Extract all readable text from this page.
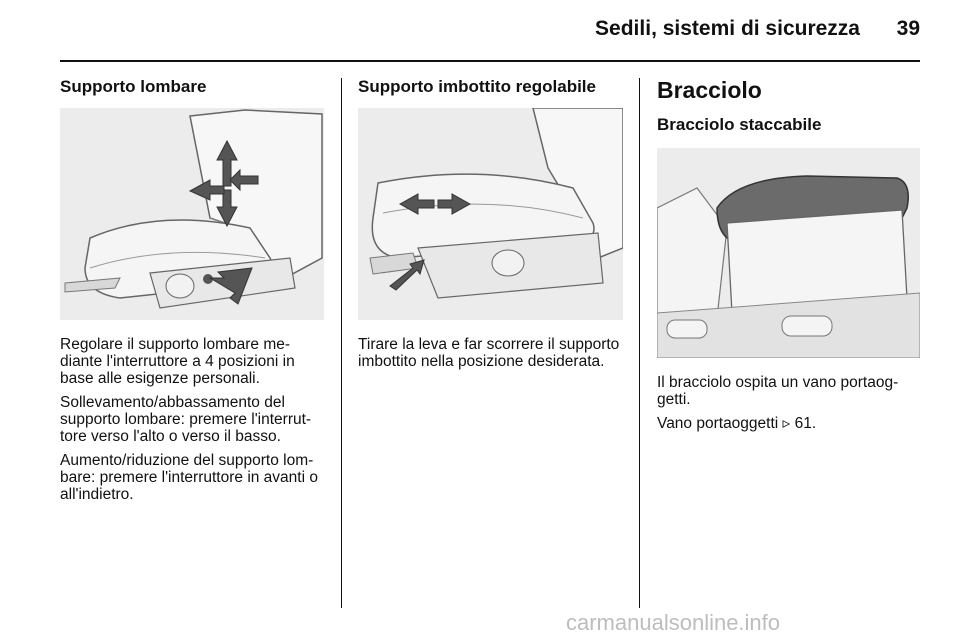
Sedili, sistemi di sicurezza	39
Supporto lombare

Regolare il supporto lombare me-diante l'interruttore a 4 posizioni in base alle esigenze personali.

Sollevamento/abbassamento del supporto lombare: premere l'interrut-tore verso l'alto o verso il basso.

Aumento/riduzione del supporto lom-bare: premere l'interruttore in avanti o all'indietro.

Supporto imbottito regolabile

Tirare la leva e far scorrere il supporto imbottito nella posizione desiderata.

Bracciolo
Bracciolo staccabile

Il bracciolo ospita un vano portaog-getti.

Vano portaoggetti ▹ 61.

carmanualsonline.info
